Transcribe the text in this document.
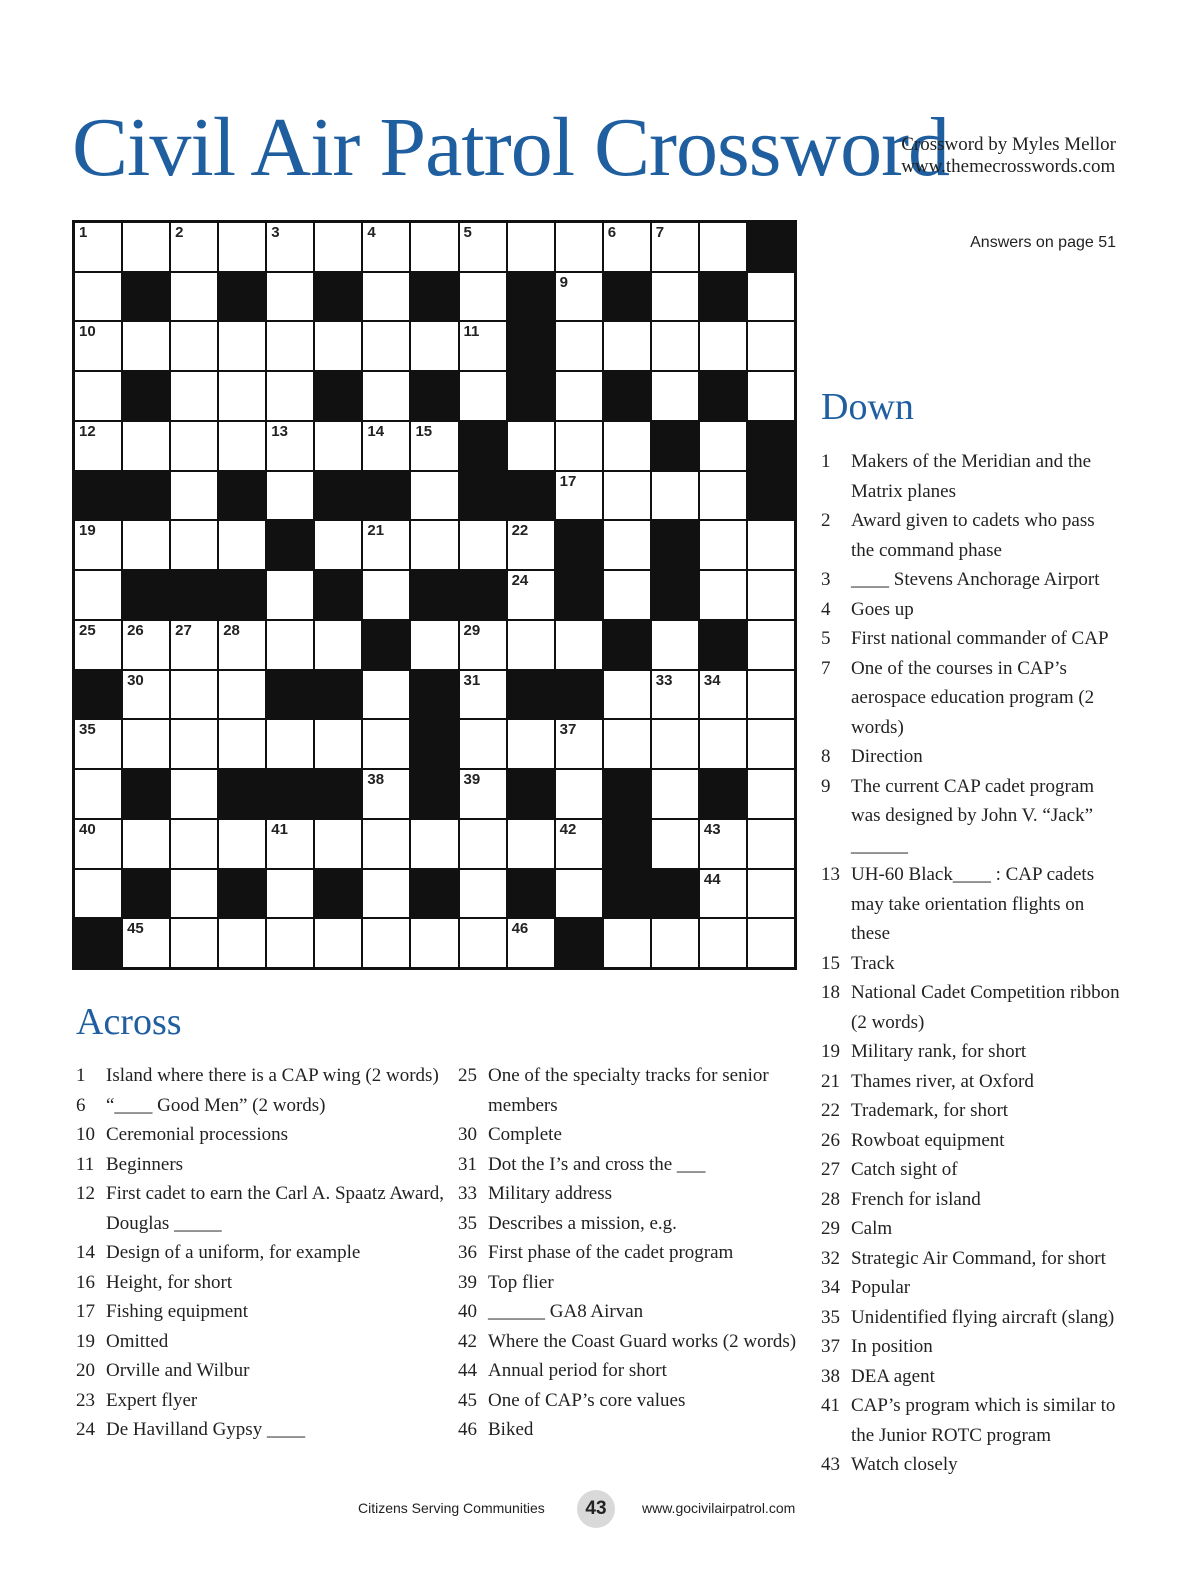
Civil Air Patrol Crossword
Crossword by Myles Mellor
www.themecrosswords.com
Answers on page 51
1	2	3	4	5	6	7
9
10	11
12	13	14 15
17
19	21	22
24
25 26 27 28	29
30	31	33 34
35	37
38	39
40	41	42	43
44
45	46
Across
1	Island where there is a CAP wing (2 words)
6	“____ Good Men” (2 words)
10 Ceremonial processions
11 Beginners
12 First cadet to earn the Carl A. Spaatz Award, Douglas _____
14 Design of a uniform, for example
16 Height, for short
17 Fishing equipment
19 Omitted
20 Orville and Wilbur
23 Expert flyer
24 De Havilland Gypsy ____
25 One of the specialty tracks for senior members
30 Complete
31 Dot the I’s and cross the ___
33 Military address
35 Describes a mission, e.g.
36 First phase of the cadet program
39 Top flier
40 ______ GA8 Airvan
42 Where the Coast Guard works (2 words)
44 Annual period for short
45 One of CAP’s core values
46 Biked
Down
1	Makers of the Meridian and the Matrix planes
2	Award given to cadets who pass the command phase
3	____ Stevens Anchorage Airport
4	Goes up
5	First national commander of CAP
7	One of the courses in CAP’s aerospace education program (2 words)
8	Direction
9	The current CAP cadet program was designed by John V. “Jack” ______
13 UH-60 Black____ : CAP cadets may take orientation flights on these
15 Track
18 National Cadet Competition ribbon (2 words)
19 Military rank, for short
21 Thames river, at Oxford
22 Trademark, for short
26 Rowboat equipment
27 Catch sight of
28 French for island
29 Calm
32 Strategic Air Command, for short
34 Popular
35 Unidentified flying aircraft (slang)
37 In position
38 DEA agent
41 CAP’s program which is similar to the Junior ROTC program
43 Watch closely
Citizens Serving Communities	43	www.gocivilairpatrol.com
